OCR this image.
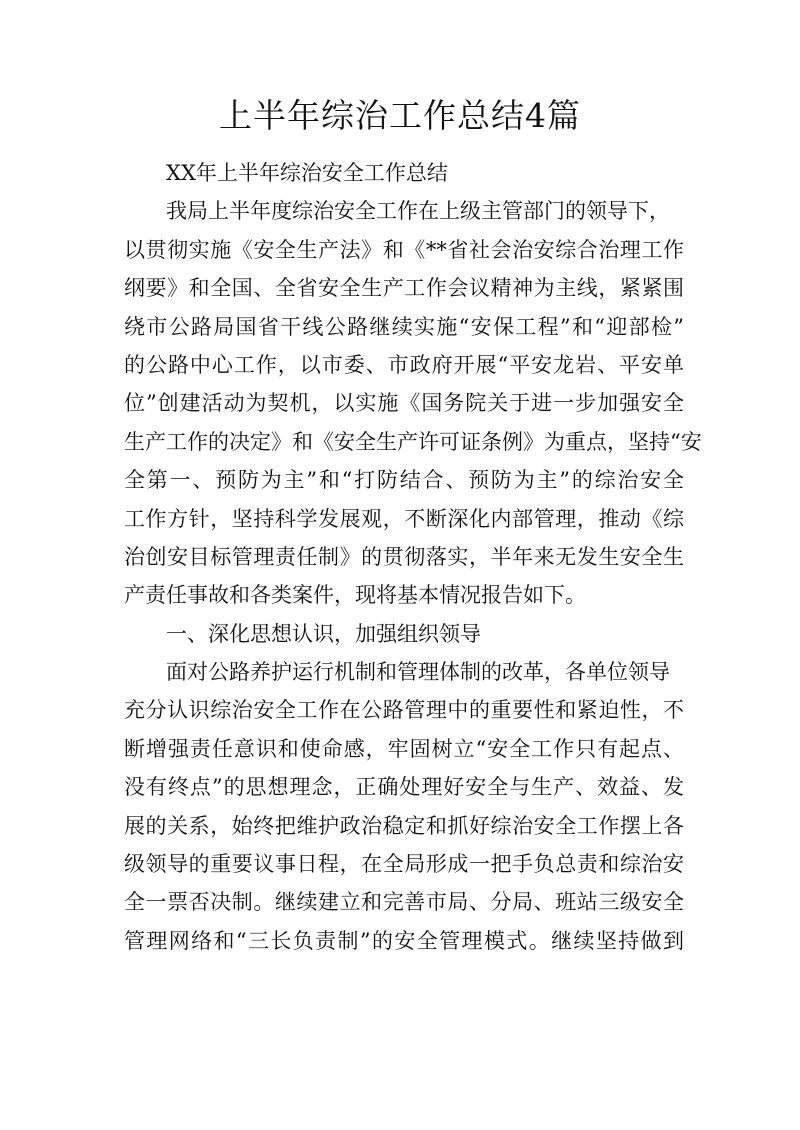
上半年综治工作总结4篇
XX年上半年综治安全工作总结
我局上半年度综治安全工作在上级主管部门的领导下，
以贯彻实施《安全生产法》和《**省社会治安综合治理工作
纲要》和全国、全省安全生产工作会议精神为主线，紧紧围
绕市公路局国省干线公路继续实施“安保工程”和“迎部检”
的公路中心工作，以市委、市政府开展“平安龙岩、平安单
位”创建活动为契机，以实施《国务院关于进一步加强安全
生产工作的决定》和《安全生产许可证条例》为重点，坚持“安
全第一、预防为主”和“打防结合、预防为主”的综治安全
工作方针，坚持科学发展观，不断深化内部管理，推动《综
治创安目标管理责任制》的贯彻落实，半年来无发生安全生
产责任事故和各类案件，现将基本情况报告如下。
一、深化思想认识，加强组织领导
面对公路养护运行机制和管理体制的改革，各单位领导
充分认识综治安全工作在公路管理中的重要性和紧迫性，不
断增强责任意识和使命感，牢固树立“安全工作只有起点、
没有终点”的思想理念，正确处理好安全与生产、效益、发
展的关系，始终把维护政治稳定和抓好综治安全工作摆上各
级领导的重要议事日程，在全局形成一把手负总责和综治安
全一票否决制。继续建立和完善市局、分局、班站三级安全
管理网络和“三长负责制”的安全管理模式。继续坚持做到
